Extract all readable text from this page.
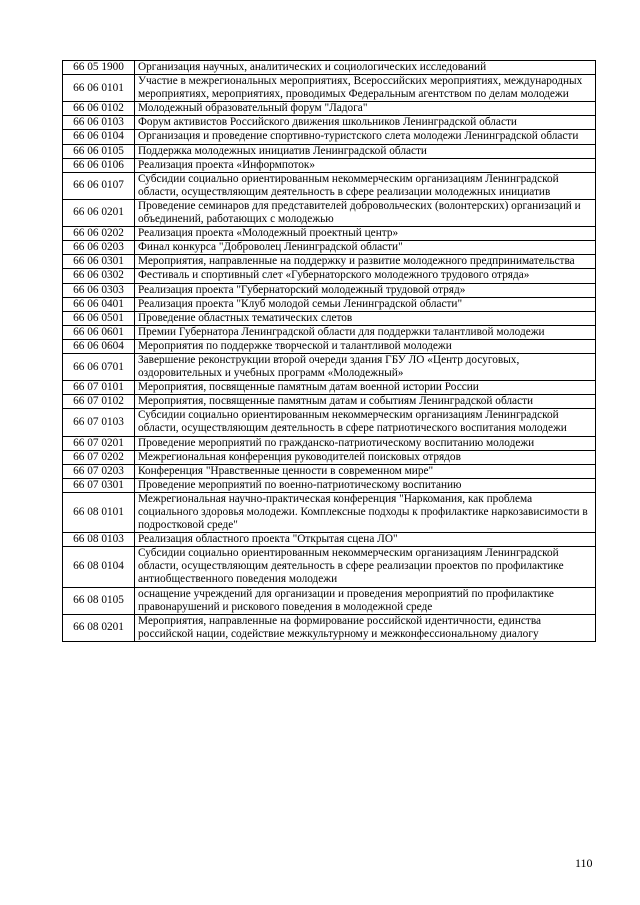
66 05 1900	Организация научных, аналитических и социологических исследований
66 06 0101	Участие в межрегиональных мероприятиях, Всероссийских мероприятиях, международных мероприятиях, мероприятиях, проводимых Федеральным агентством по делам молодежи
66 06 0102	Молодежный образовательный форум "Ладога"
66 06 0103	Форум активистов Российского движения школьников Ленинградской области
66 06 0104	Организация и проведение спортивно-туристского слета молодежи Ленинградской области
66 06 0105	Поддержка молодежных инициатив Ленинградской области
66 06 0106	Реализация проекта «Информпоток»
66 06 0107	Субсидии социально ориентированным некоммерческим организациям Ленинградской области, осуществляющим деятельность в сфере реализации молодежных инициатив
66 06 0201	Проведение семинаров для представителей добровольческих (волонтерских) организаций и объединений, работающих с молодежью
66 06 0202	Реализация проекта «Молодежный проектный центр»
66 06 0203	Финал конкурса "Доброволец Ленинградской области"
66 06 0301	Мероприятия, направленные на поддержку и развитие молодежного предпринимательства
66 06 0302	Фестиваль и спортивный слет «Губернаторского молодежного трудового отряда»
66 06 0303	Реализация проекта "Губернаторский молодежный трудовой отряд»
66 06 0401	Реализация проекта "Клуб молодой семьи Ленинградской области"
66 06 0501	Проведение областных тематических слетов
66 06 0601	Премии Губернатора Ленинградской области для поддержки талантливой молодежи
66 06 0604	Мероприятия по поддержке творческой и талантливой молодежи
66 06 0701	Завершение реконструкции второй очереди здания ГБУ ЛО «Центр досуговых, оздоровительных и учебных программ «Молодежный»
66 07 0101	Мероприятия, посвященные памятным датам военной истории России
66 07 0102	Мероприятия, посвященные памятным датам и событиям Ленинградской области
66 07 0103	Субсидии социально ориентированным некоммерческим организациям Ленинградской области, осуществляющим деятельность в сфере патриотического воспитания молодежи
66 07 0201	Проведение мероприятий по гражданско-патриотическому воспитанию молодежи
66 07 0202	Межрегиональная конференция руководителей поисковых отрядов
66 07 0203	Конференция "Нравственные ценности в современном мире"
66 07 0301	Проведение мероприятий по военно-патриотическому воспитанию
66 08 0101	Межрегиональная научно-практическая конференция "Наркомания, как проблема социального здоровья молодежи. Комплексные подходы к профилактике наркозависимости в подростковой среде"
66 08 0103	Реализация областного проекта "Открытая сцена ЛО"
66 08 0104	Субсидии социально ориентированным некоммерческим организациям Ленинградской области, осуществляющим деятельность в сфере реализации проектов по профилактике антиобщественного поведения молодежи
66 08 0105	оснащение учреждений для организации и проведения мероприятий по профилактике правонарушений и рискового поведения в молодежной среде
66 08 0201	Мероприятия, направленные на формирование российской идентичности, единства российской нации, содействие межкультурному и межконфессиональному диалогу
110
